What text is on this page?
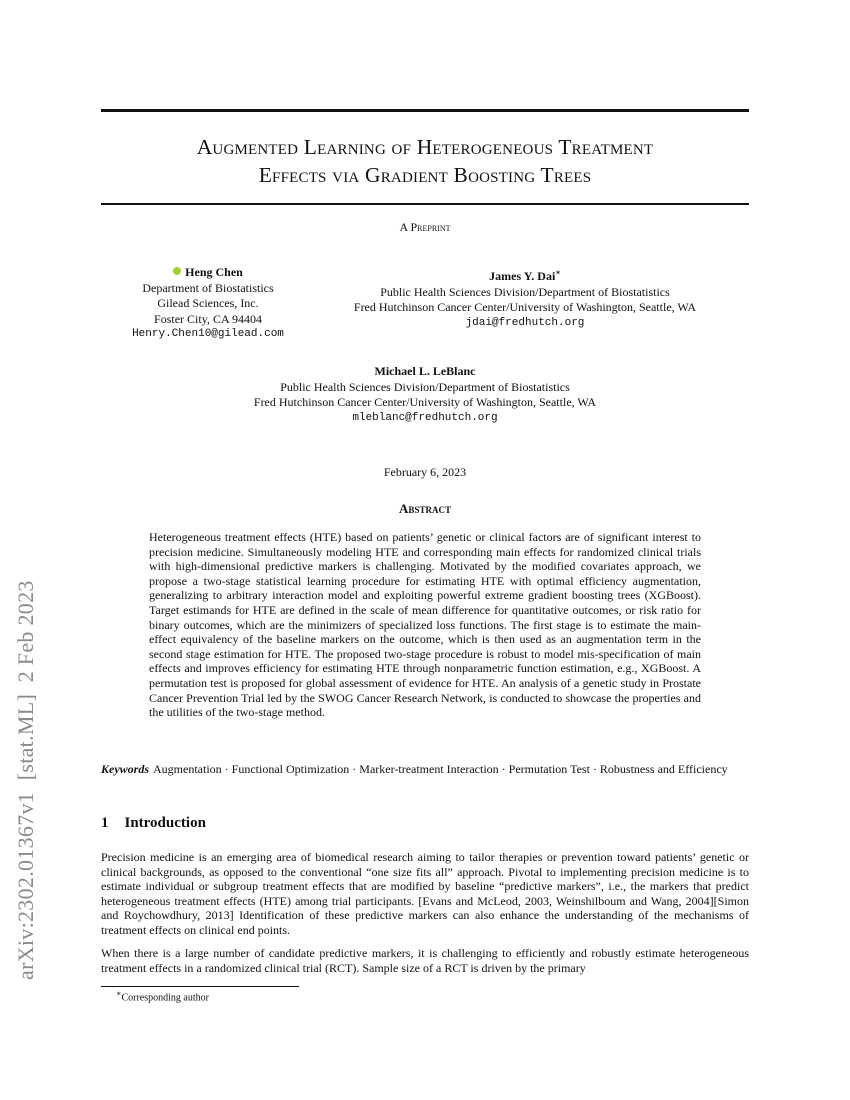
arXiv:2302.01367v1  [stat.ML]  2 Feb 2023
Augmented Learning of Heterogeneous Treatment
Effects via Gradient Boosting Trees
A Preprint
Heng Chen
Department of Biostatistics
Gilead Sciences, Inc.
Foster City, CA 94404
Henry.Chen10@gilead.com
James Y. Dai∗
Public Health Sciences Division/Department of Biostatistics
Fred Hutchinson Cancer Center/University of Washington, Seattle, WA
jdai@fredhutch.org
Michael L. LeBlanc
Public Health Sciences Division/Department of Biostatistics
Fred Hutchinson Cancer Center/University of Washington, Seattle, WA
mleblanc@fredhutch.org
February 6, 2023
Abstract
Heterogeneous treatment effects (HTE) based on patients’ genetic or clinical factors are of significant interest to precision medicine. Simultaneously modeling HTE and corresponding main effects for randomized clinical trials with high-dimensional predictive markers is challenging. Motivated by the modified covariates approach, we propose a two-stage statistical learning procedure for estimating HTE with optimal efficiency augmentation, generalizing to arbitrary interaction model and exploiting powerful extreme gradient boosting trees (XGBoost). Target estimands for HTE are defined in the scale of mean difference for quantitative outcomes, or risk ratio for binary outcomes, which are the minimizers of specialized loss functions. The first stage is to estimate the main-effect equivalency of the baseline markers on the outcome, which is then used as an augmentation term in the second stage estimation for HTE. The proposed two-stage procedure is robust to model mis-specification of main effects and improves efficiency for estimating HTE through nonparametric function estimation, e.g., XGBoost. A permutation test is proposed for global assessment of evidence for HTE. An analysis of a genetic study in Prostate Cancer Prevention Trial led by the SWOG Cancer Research Network, is conducted to showcase the properties and the utilities of the two-stage method.
Keywords Augmentation · Functional Optimization · Marker-treatment Interaction · Permutation Test · Robustness and Efficiency
1 Introduction
Precision medicine is an emerging area of biomedical research aiming to tailor therapies or prevention toward patients’ genetic or clinical backgrounds, as opposed to the conventional “one size fits all” approach. Pivotal to implementing precision medicine is to estimate individual or subgroup treatment effects that are modified by baseline “predictive markers”, i.e., the markers that predict heterogeneous treatment effects (HTE) among trial participants. [Evans and McLeod, 2003, Weinshilboum and Wang, 2004][Simon and Roychowdhury, 2013] Identification of these predictive markers can also enhance the understanding of the mechanisms of treatment effects on clinical end points.
When there is a large number of candidate predictive markers, it is challenging to efficiently and robustly estimate heterogeneous treatment effects in a randomized clinical trial (RCT). Sample size of a RCT is driven by the primary
∗Corresponding author
